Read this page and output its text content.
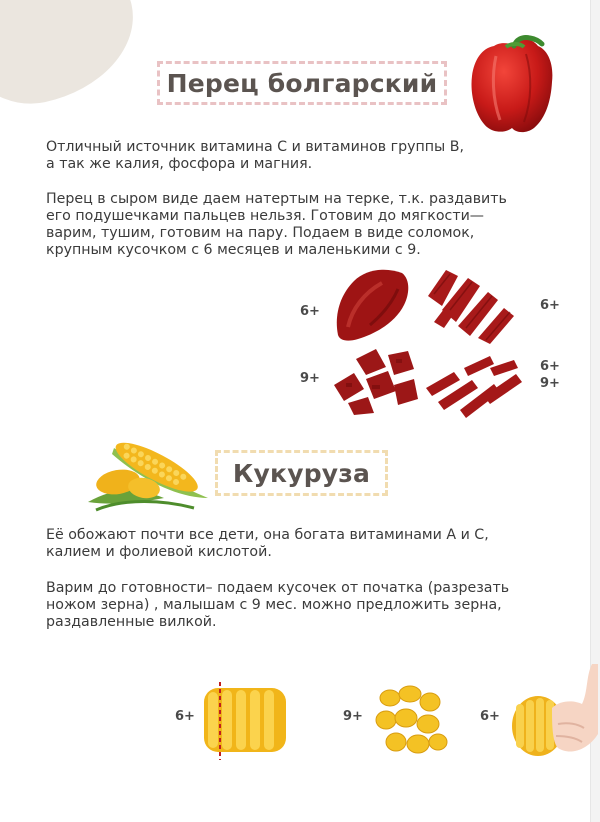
Перец болгарский
Отличный источник витамина С и витаминов группы В,
а так же калия, фосфора и магния.
Перец в сыром виде даем натертым на терке, т.к. раздавить
его подушечками пальцев нельзя. Готовим до мягкости—
варим, тушим, готовим на пару. Подаем в виде соломок,
крупным кусочком с 6 месяцев и маленькими с 9.
6+	6+
9+
6+
9+
Кукуруза
Её обожают почти все дети, она богата витаминами А и С,
калием и фолиевой кислотой.
Варим до готовности– подаем кусочек от початка (разрезать
ножом зерна) , малышам с 9 мес. можно предложить зерна,
раздавленные вилкой.
6+	9+	6+
